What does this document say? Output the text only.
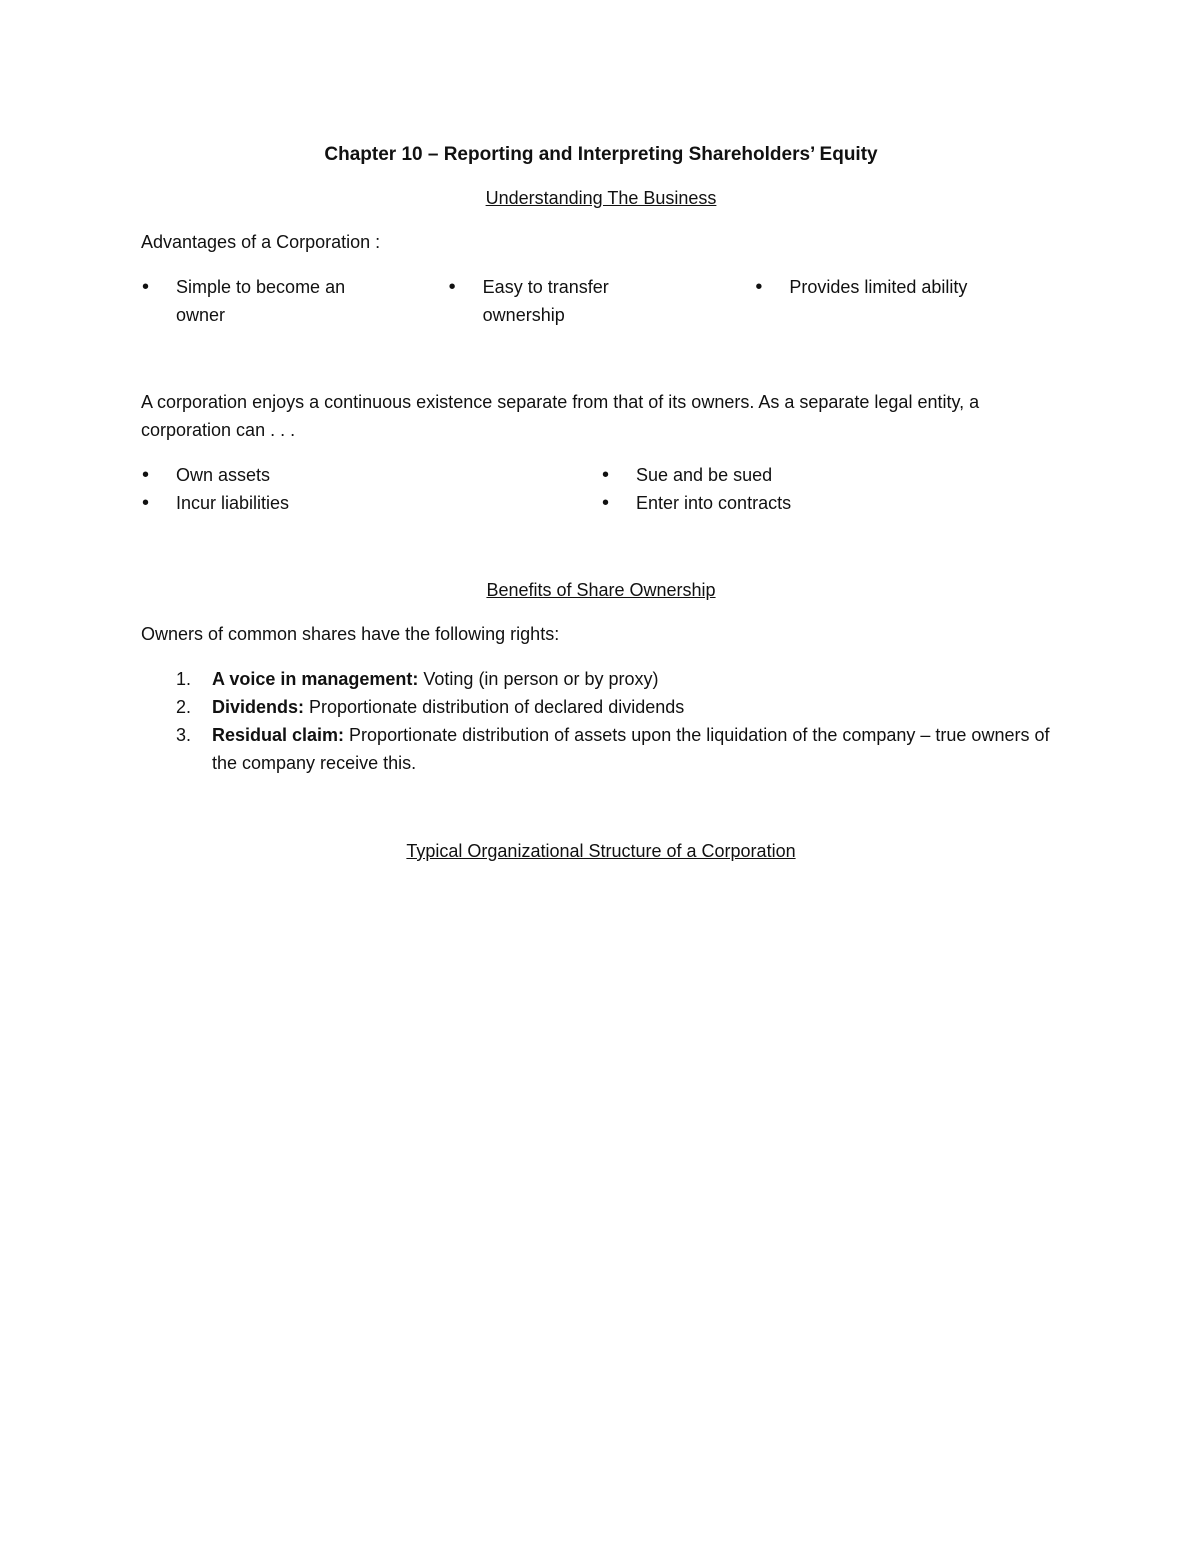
Chapter 10 – Reporting and Interpreting Shareholders’ Equity

Understanding The Business

Advantages of a Corporation :

•	Simple to become an owner
•	Easy to transfer ownership
•	Provides limited ability

A corporation enjoys a continuous existence separate from that of its owners. As a separate legal entity, a corporation can . . .

•	Own assets
•	Incur liabilities
•	Sue and be sued
•	Enter into contracts

Benefits of Share Ownership

Owners of common shares have the following rights:

1.	A voice in management: Voting (in person or by proxy)
2.	Dividends: Proportionate distribution of declared dividends
3.	Residual claim: Proportionate distribution of assets upon the liquidation of the company – true owners of the company receive this.

Typical Organizational Structure of a Corporation
